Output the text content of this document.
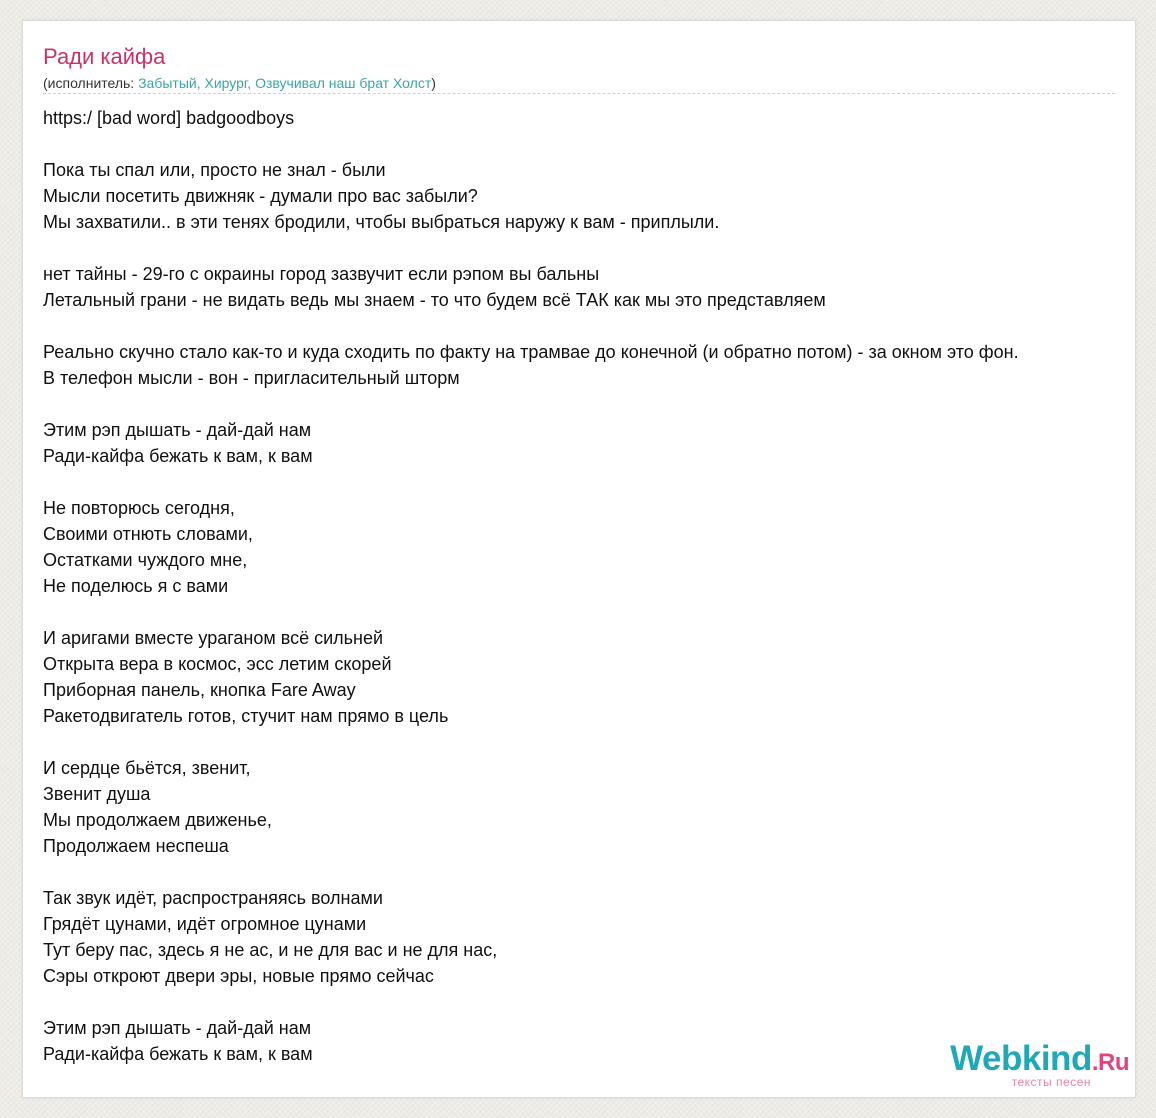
Ради кайфа
(исполнитель: Забытый, Хирург, Озвучивал наш брат Холст)
https:/ [bad word] badgoodboys
Пока ты спал или, просто не знал - были
Мысли посетить движняк - думали про вас забыли?
Мы захватили.. в эти тенях бродили, чтобы выбраться наружу к вам - приплыли.
нет тайны - 29-го с окраины город зазвучит если рэпом вы бальны
Летальный грани - не видать ведь мы знаем - то что будем всё ТАК как мы это представляем
Реально скучно стало как-то и куда сходить по факту на трамвае до конечной (и обратно потом) - за окном это фон.
В телефон мысли - вон - пригласительный шторм
Этим рэп дышать - дай-дай нам
Ради-кайфа бежать к вам, к вам
Не повторюсь сегодня,
Своими отнють словами,
Остатками чуждого мне,
Не поделюсь я с вами
И аригами вместе ураганом всё сильней
Открыта вера в космос, эсс летим скорей
Приборная панель, кнопка Fare Away
Ракетодвигатель готов, стучит нам прямо в цель
И сердце бьётся, звенит,
Звенит душа
Мы продолжаем движенье,
Продолжаем неспеша
Так звук идёт, распространяясь волнами
Грядёт цунами, идёт огромное цунами
Тут беру пас, здесь я не ас, и не для вас и не для нас,
Сэры откроют двери эры, новые прямо сейчас
Этим рэп дышать - дай-дай нам
Ради-кайфа бежать к вам, к вам	Webkind.Ru
тексты песен
